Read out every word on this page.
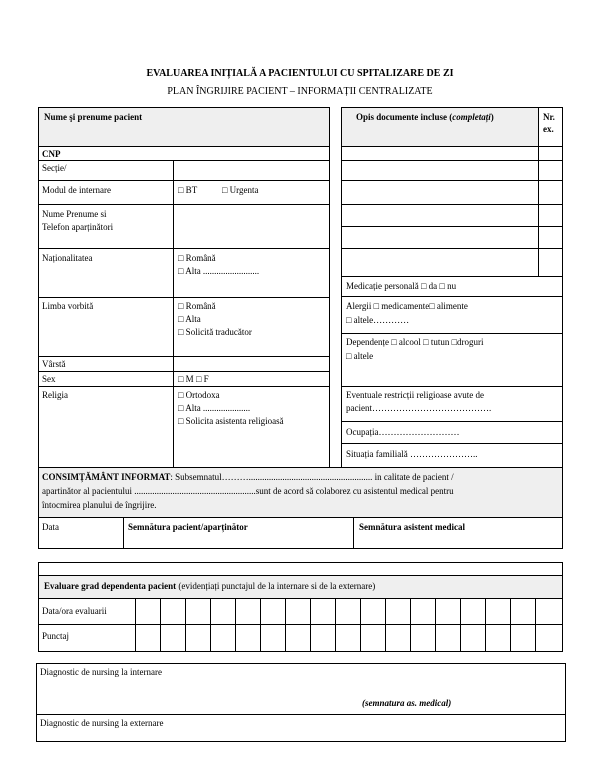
EVALUAREA INIȚIALĂ A PACIENTULUI CU SPITALIZARE DE ZI
PLAN ÎNGRIJIRE PACIENT – INFORMAȚII CENTRALIZATE
Nume şi prenume pacient
CNP
Secție/
Modul de internare	□ BT	□ Urgenta
Nume Prenume si
Telefon aparținători
Naționalitatea	□ Română
□ Alta .........................
Limba vorbită	□ Română
□ Alta
□ Solicită traducător
Vârstă
Sex	□ M □ F
Religia	□ Ortodoxa
□ Alta .....................
□ Solicita asistenta religioasă
Opis documente incluse (completați)	Nr.
ex.
Medicație personală □ da □ nu
Alergii □ medicamente□ alimente
□ altele…………
Dependențe □ alcool □ tutun □droguri
□ altele
Eventuale restricții religioase avute de
pacient………………………………….
Ocupația………………………
Situația familială …………………..
CONSIMȚĂMÂNT INFORMAT: Subsemnatul………....................................................... in calitate de pacient /
apartinător al pacientului ......................................................sunt de acord să colaborez cu asistentul medical pentru
întocmirea planului de îngrijire.
Data	Semnătura pacient/aparținător	Semnătura asistent medical
Evaluare grad dependenta pacient (evidențiați punctajul de la internare si de la externare)
Data/ora evaluarii
Punctaj
Diagnostic de nursing la internare
(semnatura as. medical)
Diagnostic de nursing la externare
